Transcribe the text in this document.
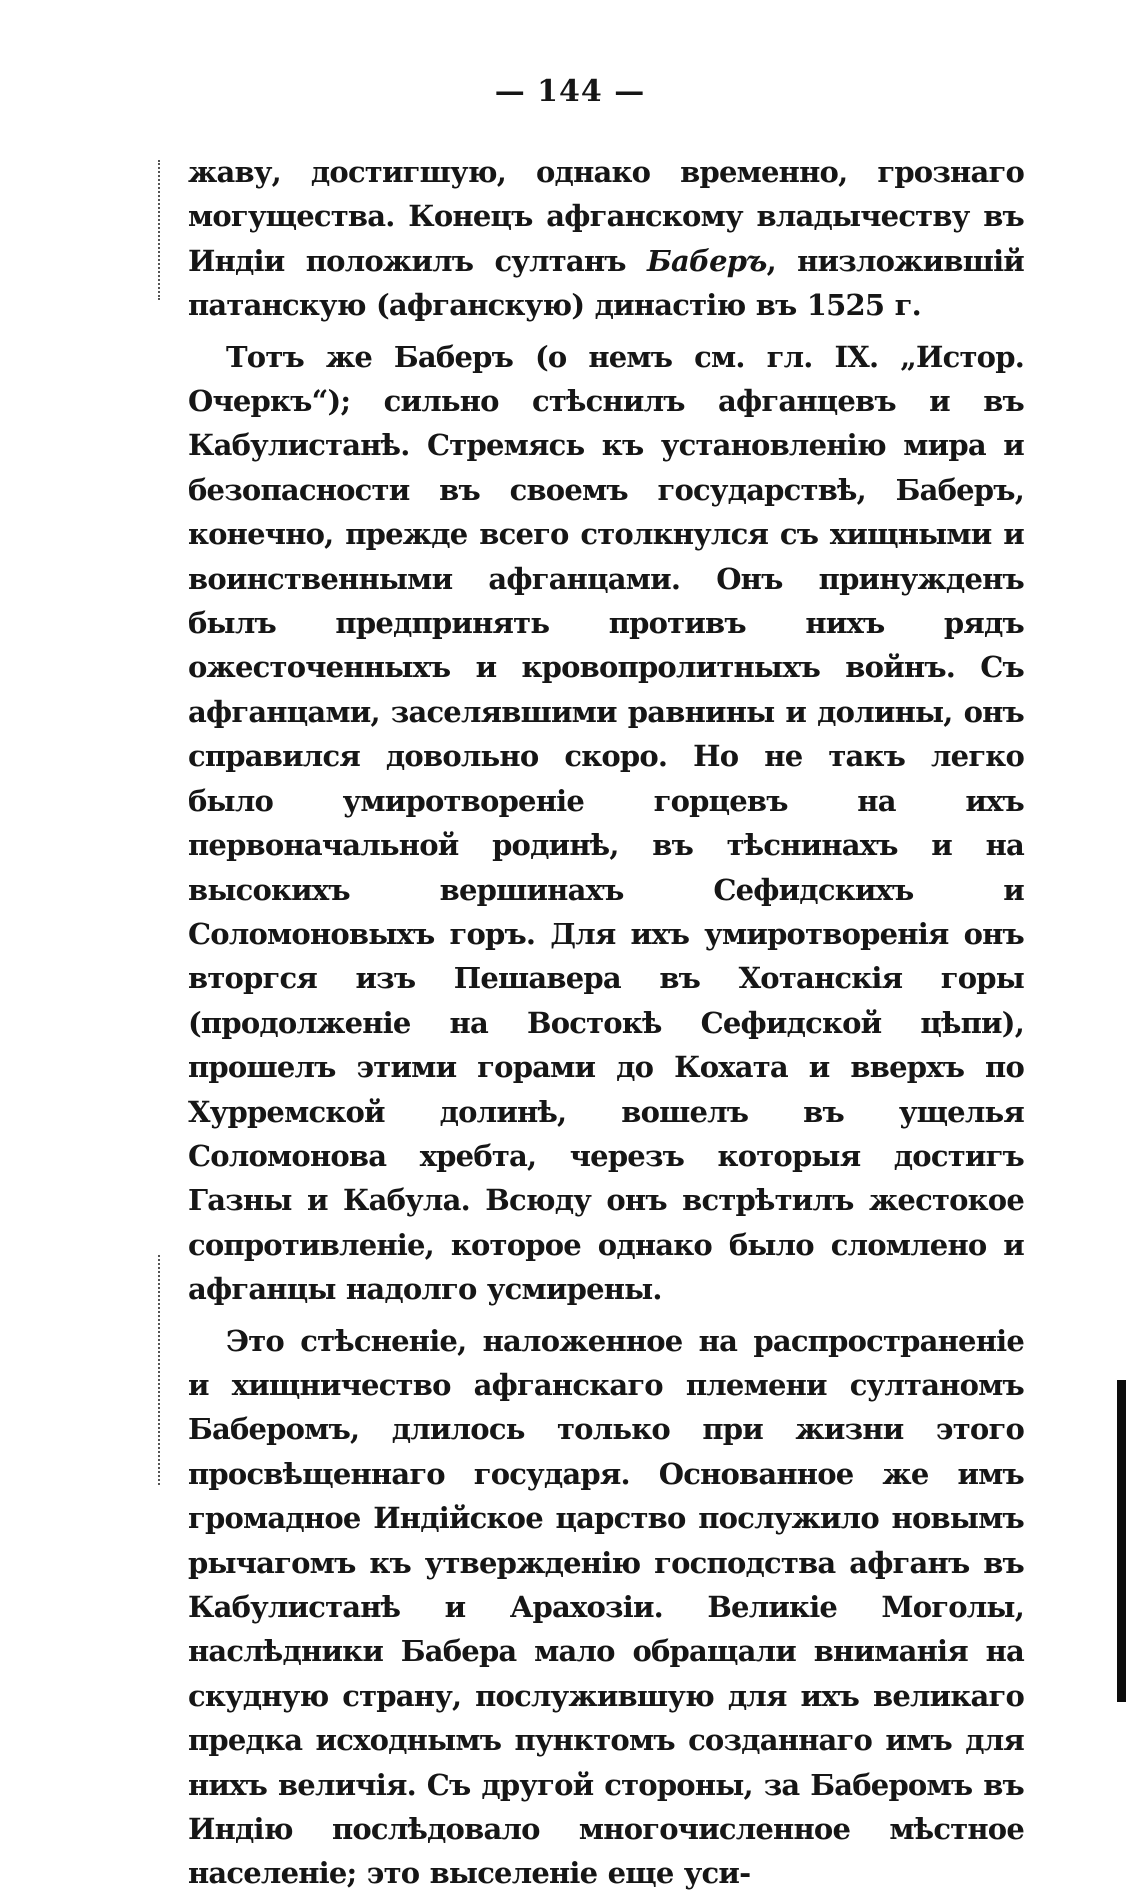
— 144 —

жаву, достигшую, однако временно, грознаго могущества. Конецъ афганскому владычеству въ Индіи положилъ султанъ Баберъ, низложившій патанскую (афганскую) династію въ 1525 г.

Тотъ же Баберъ (о немъ см. гл. IX. „Истор. Очеркъ“); сильно стѣснилъ афганцевъ и въ Кабулистанѣ. Стремясь къ установленію мира и безопасности въ своемъ государствѣ, Баберъ, конечно, прежде всего столкнулся съ хищными и воинственными афганцами. Онъ принужденъ былъ предпринять противъ нихъ рядъ ожесточенныхъ и кровопролитныхъ войнъ. Съ афганцами, заселявшими равнины и долины, онъ справился довольно скоро. Но не такъ легко было умиротвореніе горцевъ на ихъ первоначальной родинѣ, въ тѣснинахъ и на высокихъ вершинахъ Сефидскихъ и Соломоновыхъ горъ. Для ихъ умиротворенія онъ вторгся изъ Пешавера въ Хотанскія горы (продолженіе на Востокѣ Сефидской цѣпи), прошелъ этими горами до Кохата и вверхъ по Хурремской долинѣ, вошелъ въ ущелья Соломонова хребта, черезъ которыя достигъ Газны и Кабула. Всюду онъ встрѣтилъ жестокое сопротивленіе, которое однако было сломлено и афганцы надолго усмирены.

Это стѣсненіе, наложенное на распространеніе и хищничество афганскаго племени султаномъ Баберомъ, длилось только при жизни этого просвѣщеннаго государя. Основанное же имъ громадное Индійское царство послужило новымъ рычагомъ къ утвержденію господства афганъ въ Кабулистанѣ и Арахозіи. Великіе Моголы, наслѣдники Бабера мало обращали вниманія на скудную страну, послужившую для ихъ великаго предка исходнымъ пунктомъ созданнаго имъ для нихъ величія. Съ другой стороны, за Баберомъ въ Индію послѣдовало многочисленное мѣстное населеніе; это выселеніе еще уси-
